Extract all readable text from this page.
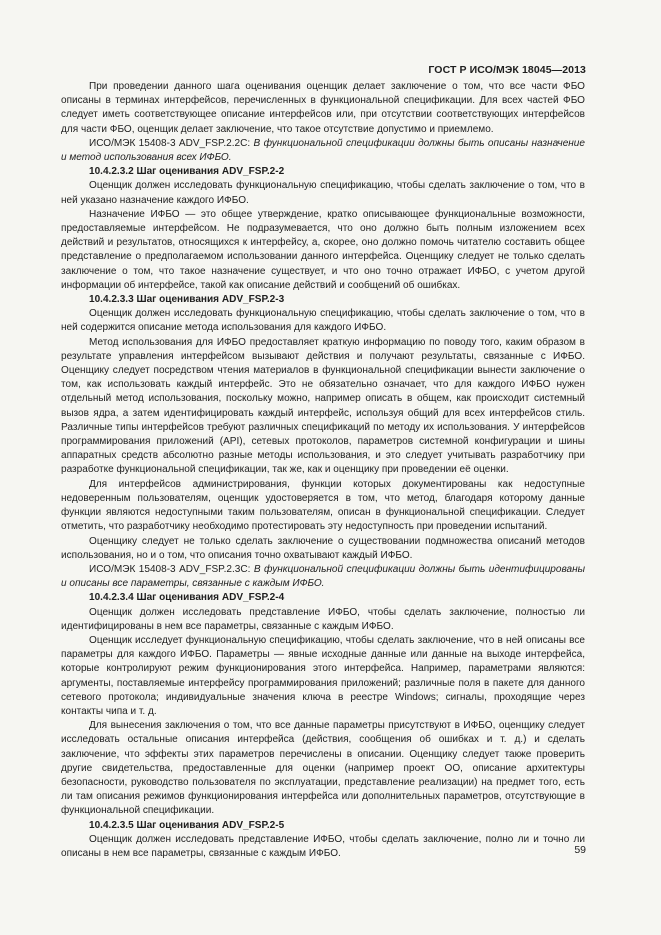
ГОСТ Р ИСО/МЭК 18045—2013

При проведении данного шага оценивания оценщик делает заключение о том, что все части ФБО описаны в терминах интерфейсов, перечисленных в функциональной спецификации. Для всех частей ФБО следует иметь соответствующее описание интерфейсов или, при отсутствии соответствующих интерфейсов для части ФБО, оценщик делает заключение, что такое отсутствие допустимо и приемлемо.

ИСО/МЭК 15408-3 ADV_FSP.2.2C: В функциональной спецификации должны быть описаны назначение и метод использования всех ИФБО.

10.4.2.3.2 Шаг оценивания ADV_FSP.2-2

Оценщик должен исследовать функциональную спецификацию, чтобы сделать заключение о том, что в ней указано назначение каждого ИФБО.

Назначение ИФБО — это общее утверждение, кратко описывающее функциональные возможности, предоставляемые интерфейсом. Не подразумевается, что оно должно быть полным изложением всех действий и результатов, относящихся к интерфейсу, а, скорее, оно должно помочь читателю составить общее представление о предполагаемом использовании данного интерфейса. Оценщику следует не только сделать заключение о том, что такое назначение существует, и что оно точно отражает ИФБО, с учетом другой информации об интерфейсе, такой как описание действий и сообщений об ошибках.

10.4.2.3.3 Шаг оценивания ADV_FSP.2-3

Оценщик должен исследовать функциональную спецификацию, чтобы сделать заключение о том, что в ней содержится описание метода использования для каждого ИФБО.

Метод использования для ИФБО предоставляет краткую информацию по поводу того, каким образом в результате управления интерфейсом вызывают действия и получают результаты, связанные с ИФБО. Оценщику следует посредством чтения материалов в функциональной спецификации вынести заключение о том, как использовать каждый интерфейс. Это не обязательно означает, что для каждого ИФБО нужен отдельный метод использования, поскольку можно, например описать в общем, как происходит системный вызов ядра, а затем идентифицировать каждый интерфейс, используя общий для всех интерфейсов стиль. Различные типы интерфейсов требуют различных спецификаций по методу их использования. У интерфейсов программирования приложений (API), сетевых протоколов, параметров системной конфигурации и шины аппаратных средств абсолютно разные методы использования, и это следует учитывать разработчику при разработке функциональной спецификации, так же, как и оценщику при проведении её оценки.

Для интерфейсов администрирования, функции которых документированы как недоступные недоверенным пользователям, оценщик удостоверяется в том, что метод, благодаря которому данные функции являются недоступными таким пользователям, описан в функциональной спецификации. Следует отметить, что разработчику необходимо протестировать эту недоступность при проведении испытаний.

Оценщику следует не только сделать заключение о существовании подмножества описаний методов использования, но и о том, что описания точно охватывают каждый ИФБО.

ИСО/МЭК 15408-3 ADV_FSP.2.3C: В функциональной спецификации должны быть идентифицированы и описаны все параметры, связанные с каждым ИФБО.

10.4.2.3.4 Шаг оценивания ADV_FSP.2-4

Оценщик должен исследовать представление ИФБО, чтобы сделать заключение, полностью ли идентифицированы в нем все параметры, связанные с каждым ИФБО.

Оценщик исследует функциональную спецификацию, чтобы сделать заключение, что в ней описаны все параметры для каждого ИФБО. Параметры — явные исходные данные или данные на выходе интерфейса, которые контролируют режим функционирования этого интерфейса. Например, параметрами являются: аргументы, поставляемые интерфейсу программирования приложений; различные поля в пакете для данного сетевого протокола; индивидуальные значения ключа в реестре Windows; сигналы, проходящие через контакты чипа и т. д.

Для вынесения заключения о том, что все данные параметры присутствуют в ИФБО, оценщику следует исследовать остальные описания интерфейса (действия, сообщения об ошибках и т. д.) и сделать заключение, что эффекты этих параметров перечислены в описании. Оценщику следует также проверить другие свидетельства, предоставленные для оценки (например проект ОО, описание архитектуры безопасности, руководство пользователя по эксплуатации, представление реализации) на предмет того, есть ли там описания режимов функционирования интерфейса или дополнительных параметров, отсутствующие в функциональной спецификации.

10.4.2.3.5 Шаг оценивания ADV_FSP.2-5

Оценщик должен исследовать представление ИФБО, чтобы сделать заключение, полно ли и точно ли описаны в нем все параметры, связанные с каждым ИФБО.	59
